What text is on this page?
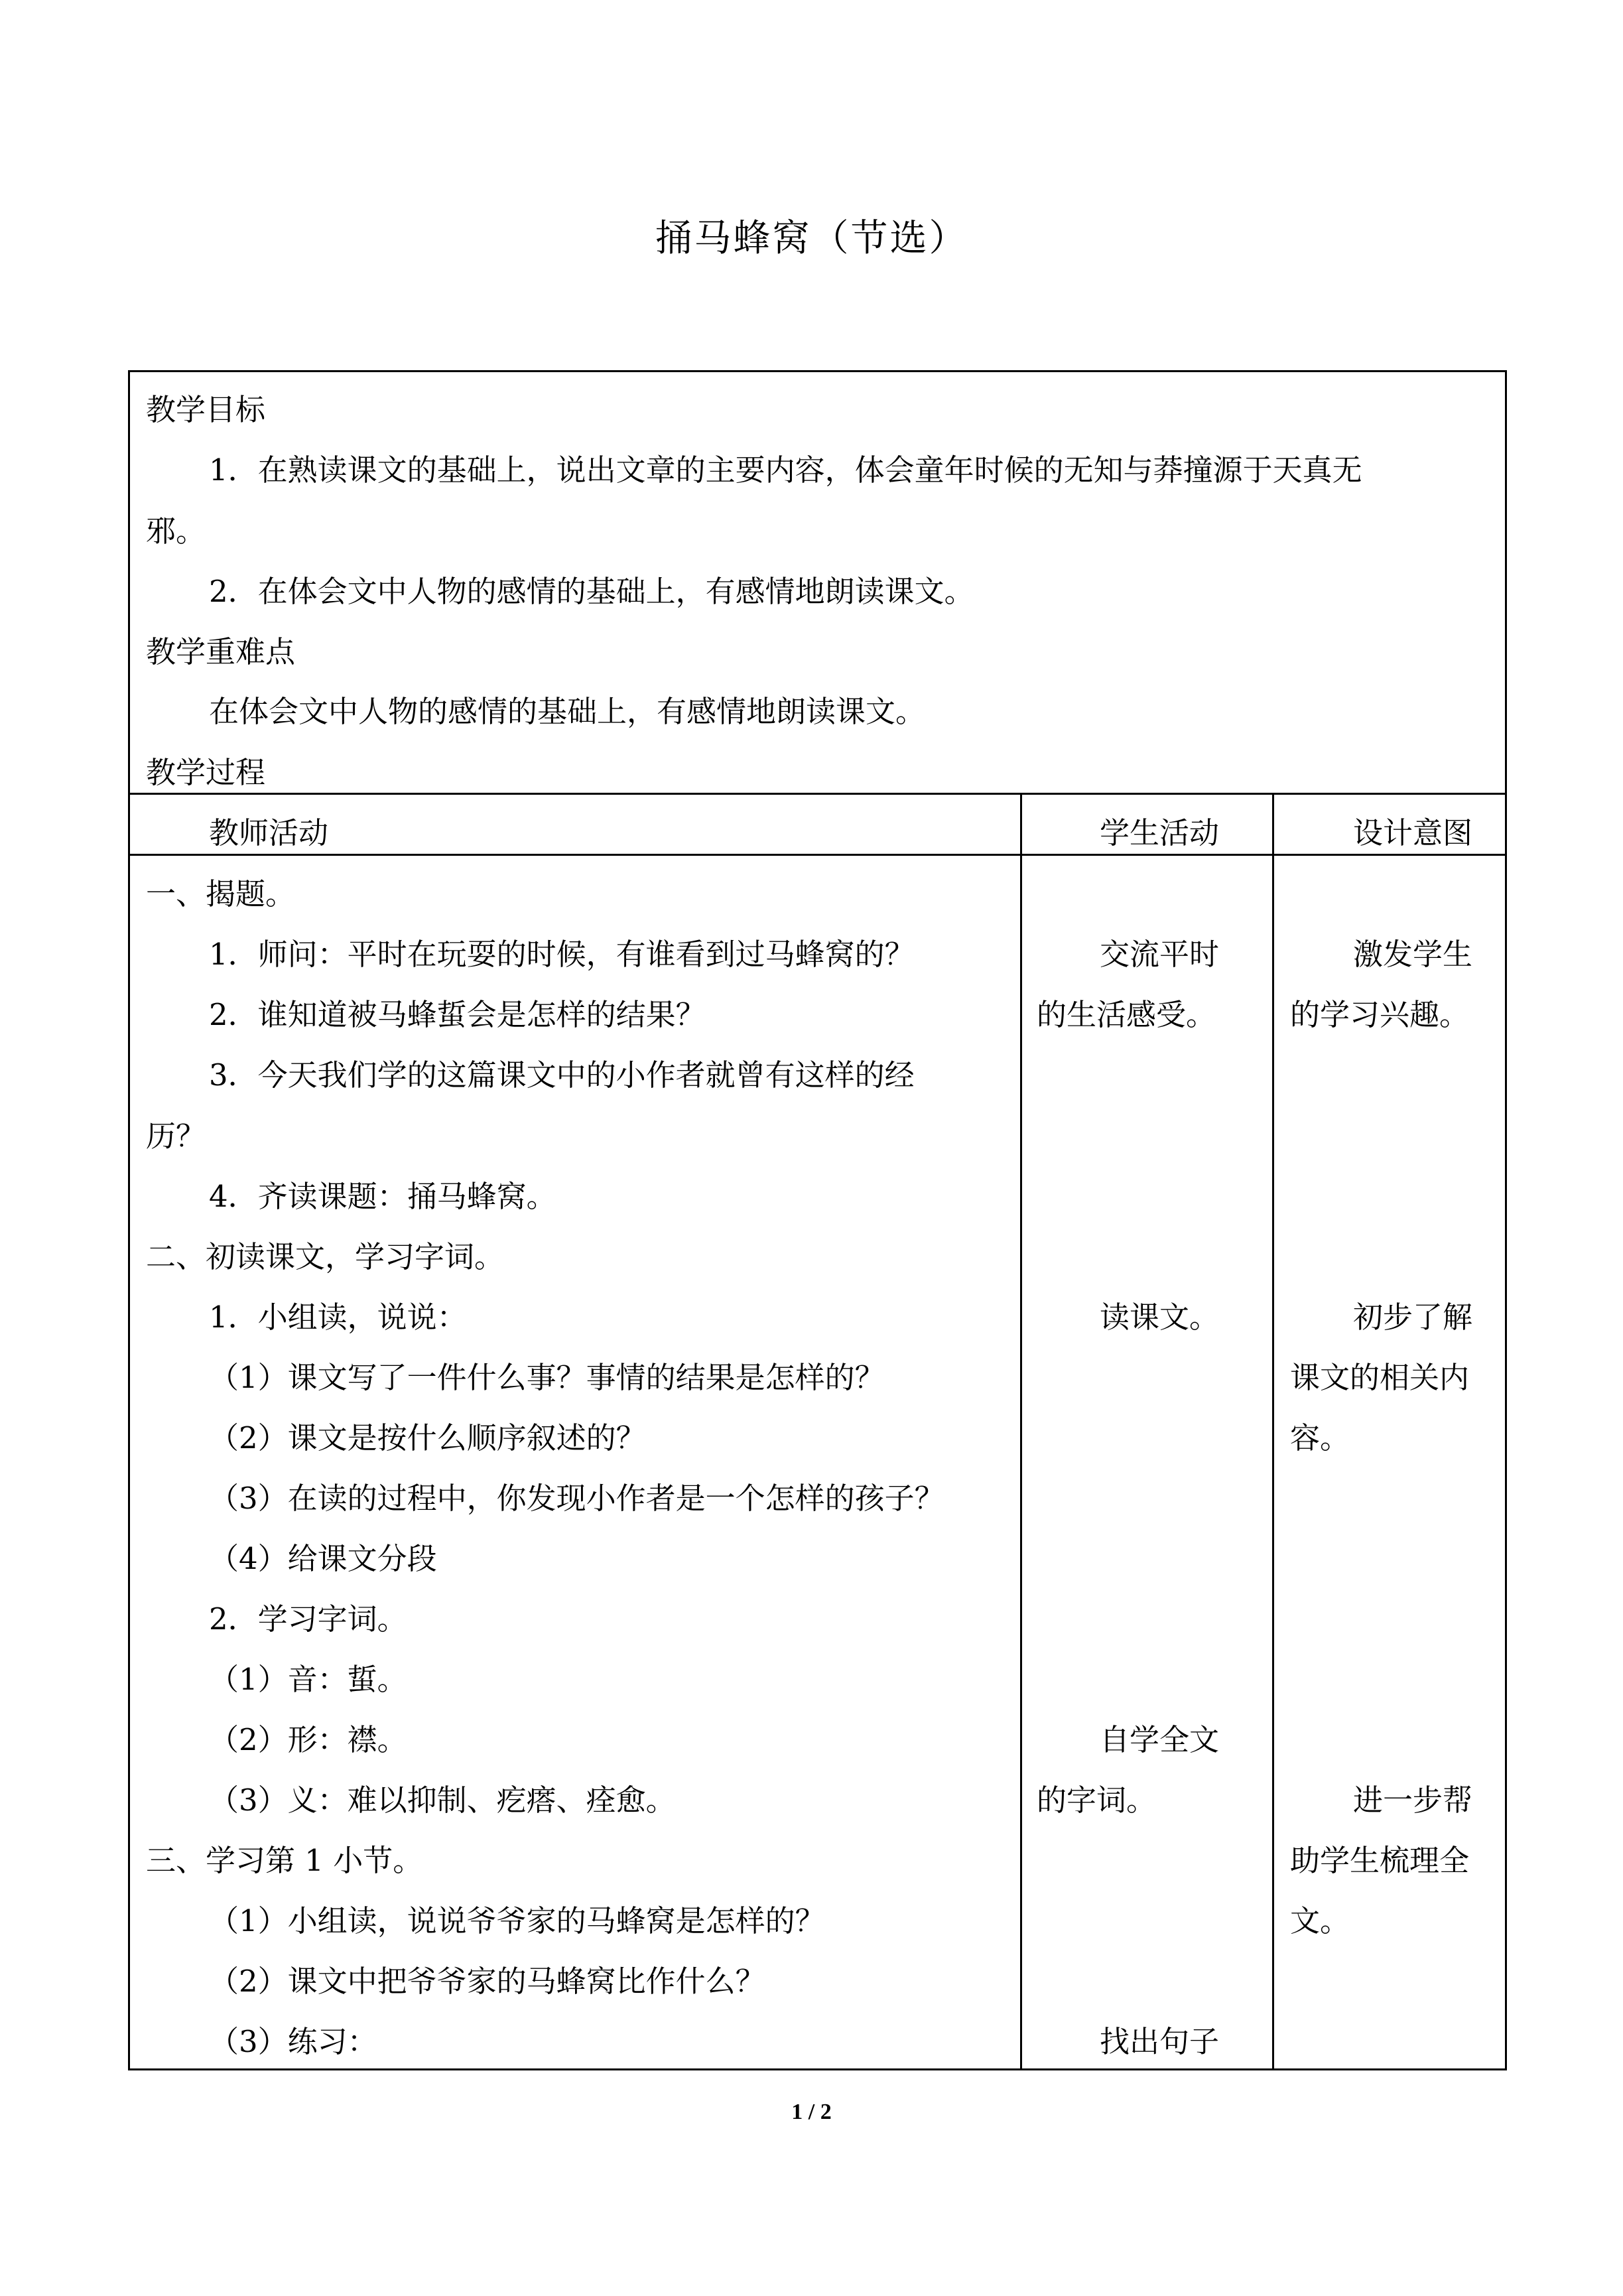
捅马蜂窝（节选）
教学目标
1．在熟读课文的基础上，说出文章的主要内容，体会童年时候的无知与莽撞源于天真无
邪。
2．在体会文中人物的感情的基础上，有感情地朗读课文。
教学重难点
在体会文中人物的感情的基础上，有感情地朗读课文。
教学过程
教师活动	学生活动	设计意图
一、揭题。
1．师问：平时在玩耍的时候，有谁看到过马蜂窝的？
2．谁知道被马蜂蜇会是怎样的结果？
3．今天我们学的这篇课文中的小作者就曾有这样的经
历？
4．齐读课题：捅马蜂窝。
二、初读课文，学习字词。
1．小组读，说说：
（1）课文写了一件什么事？事情的结果是怎样的？
（2）课文是按什么顺序叙述的？
（3）在读的过程中，你发现小作者是一个怎样的孩子？
（4）给课文分段
2．学习字词。
（1）音：蜇。
（2）形：襟。
（3）义：难以抑制、疙瘩、痊愈。
三、学习第 1 小节。
（1）小组读，说说爷爷家的马蜂窝是怎样的？
（2）课文中把爷爷家的马蜂窝比作什么？
（3）练习：
交流平时
的生活感受。
读课文。
自学全文
的字词。
找出句子
激发学生
的学习兴趣。
初步了解
课文的相关内
容。
进一步帮
助学生梳理全
文。
1 / 2
